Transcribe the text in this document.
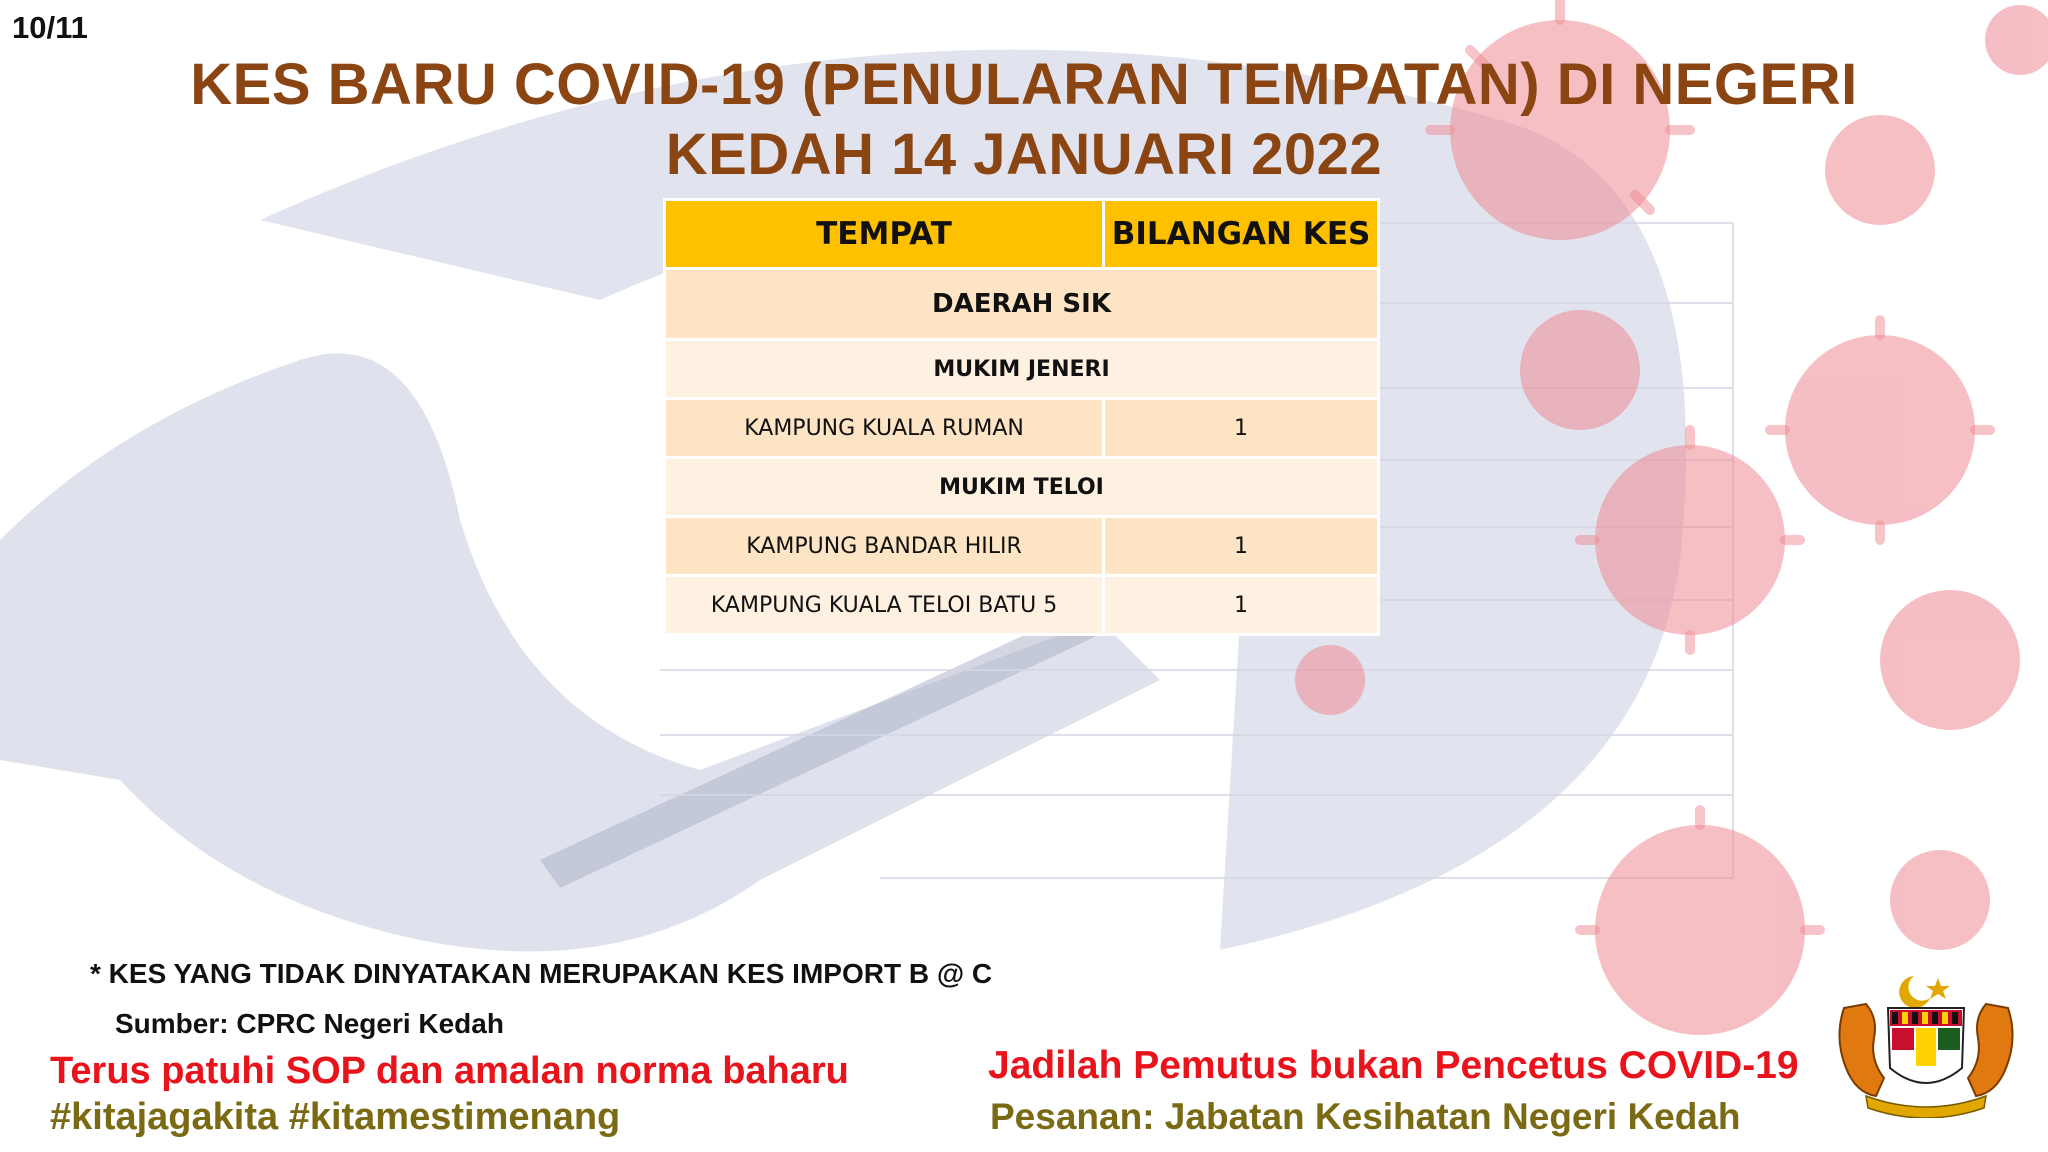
10/11
KES BARU COVID-19 (PENULARAN TEMPATAN) DI NEGERI
KEDAH 14 JANUARI 2022
TEMPAT	BILANGAN KES
DAERAH SIK	
MUKIM JENERI	
KAMPUNG KUALA RUMAN	1
MUKIM TELOI	
KAMPUNG BANDAR HILIR	1
KAMPUNG KUALA TELOI BATU 5	1
* KES YANG TIDAK DINYATAKAN MERUPAKAN KES IMPORT B @ C
Sumber: CPRC Negeri Kedah
Terus patuhi SOP dan amalan norma baharu
#kitajagakita #kitamestimenang
Jadilah Pemutus bukan Pencetus COVID-19
Pesanan: Jabatan Kesihatan Negeri Kedah
